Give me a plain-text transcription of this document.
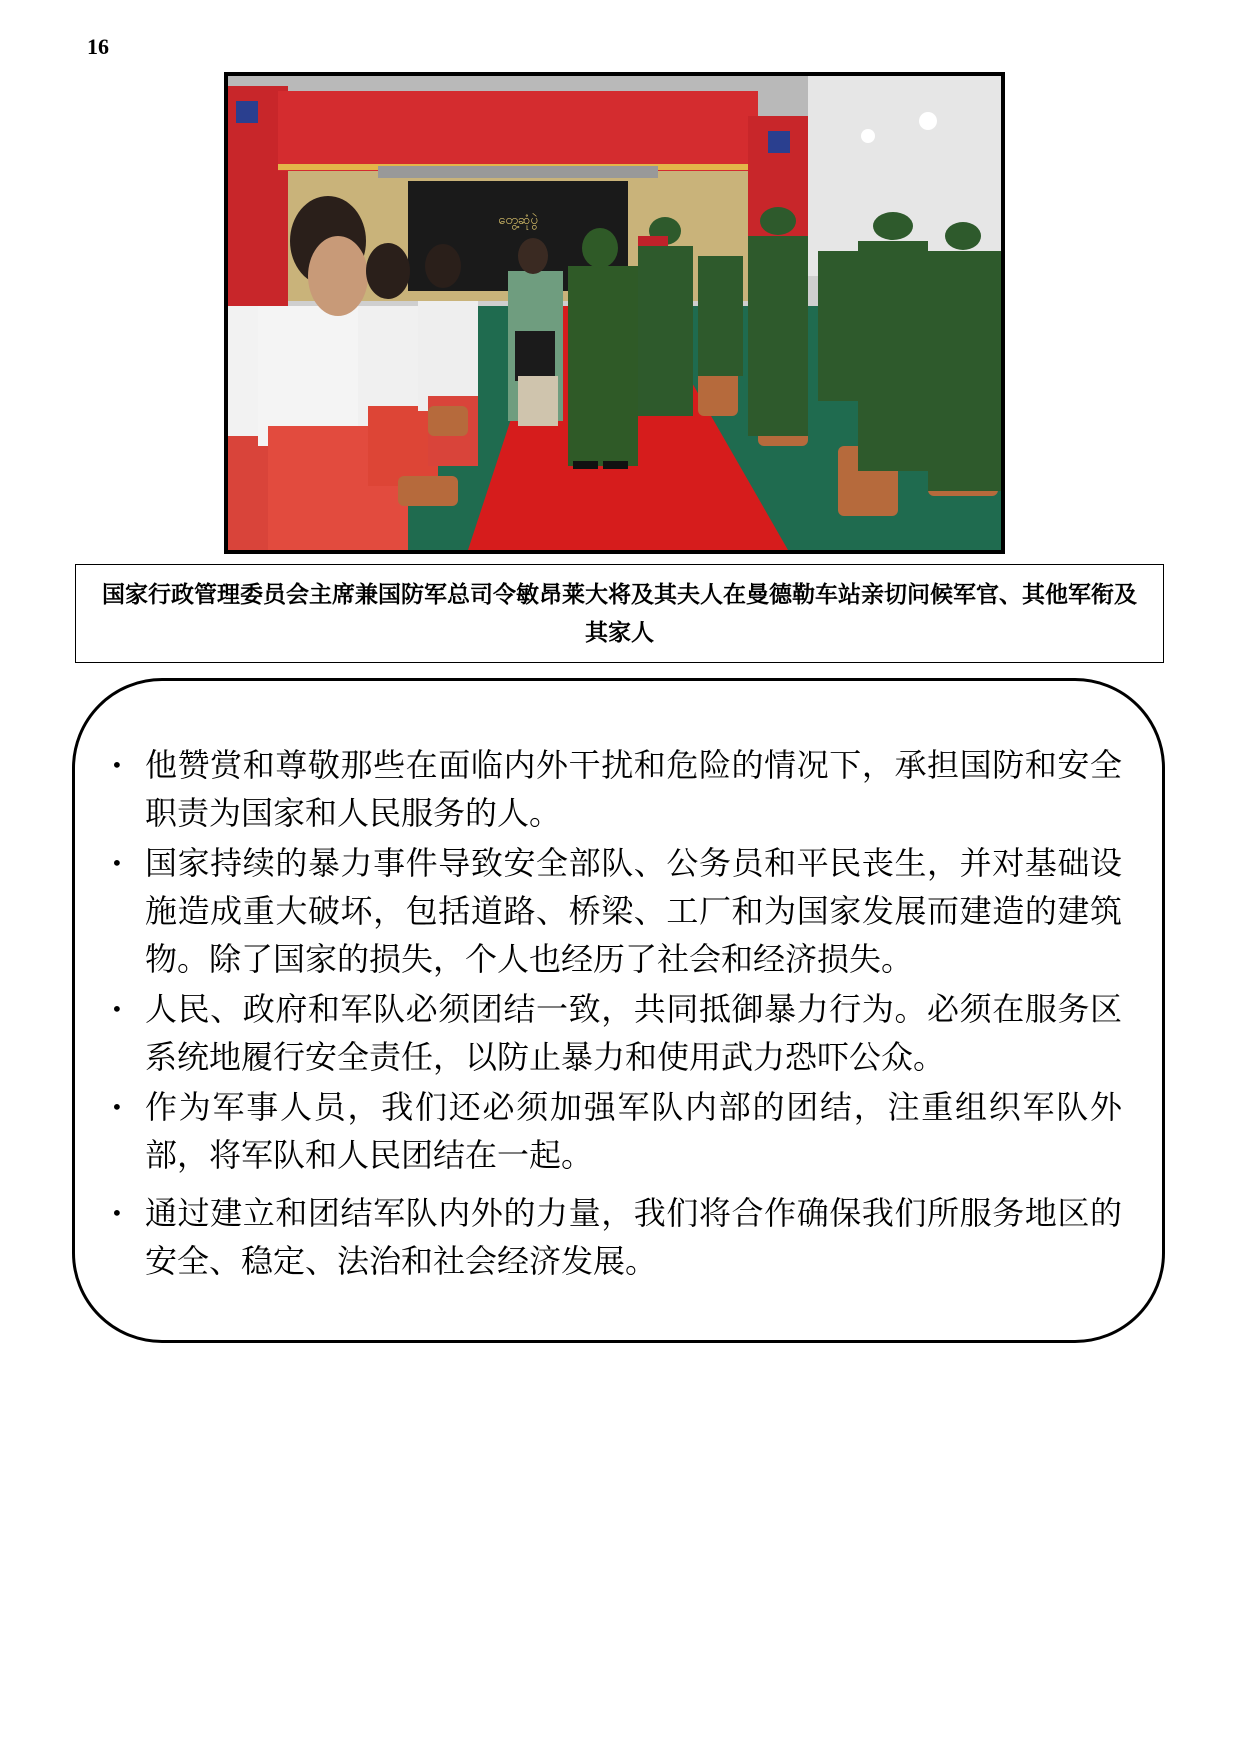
16
တွေ့ဆုံပွဲ
国家行政管理委员会主席兼国防军总司令敏昂莱大将及其夫人在曼德勒车站亲切问候军官、其他军衔及其家人
• 他赞赏和尊敬那些在面临内外干扰和危险的情况下，承担国防和安全职责为国家和人民服务的人。
• 国家持续的暴力事件导致安全部队、公务员和平民丧生，并对基础设施造成重大破坏，包括道路、桥梁、工厂和为国家发展而建造的建筑物。除了国家的损失，个人也经历了社会和经济损失。
• 人民、政府和军队必须团结一致，共同抵御暴力行为。必须在服务区系统地履行安全责任，以防止暴力和使用武力恐吓公众。
• 作为军事人员，我们还必须加强军队内部的团结，注重组织军队外部，将军队和人民团结在一起。
• 通过建立和团结军队内外的力量，我们将合作确保我们所服务地区的安全、稳定、法治和社会经济发展。
